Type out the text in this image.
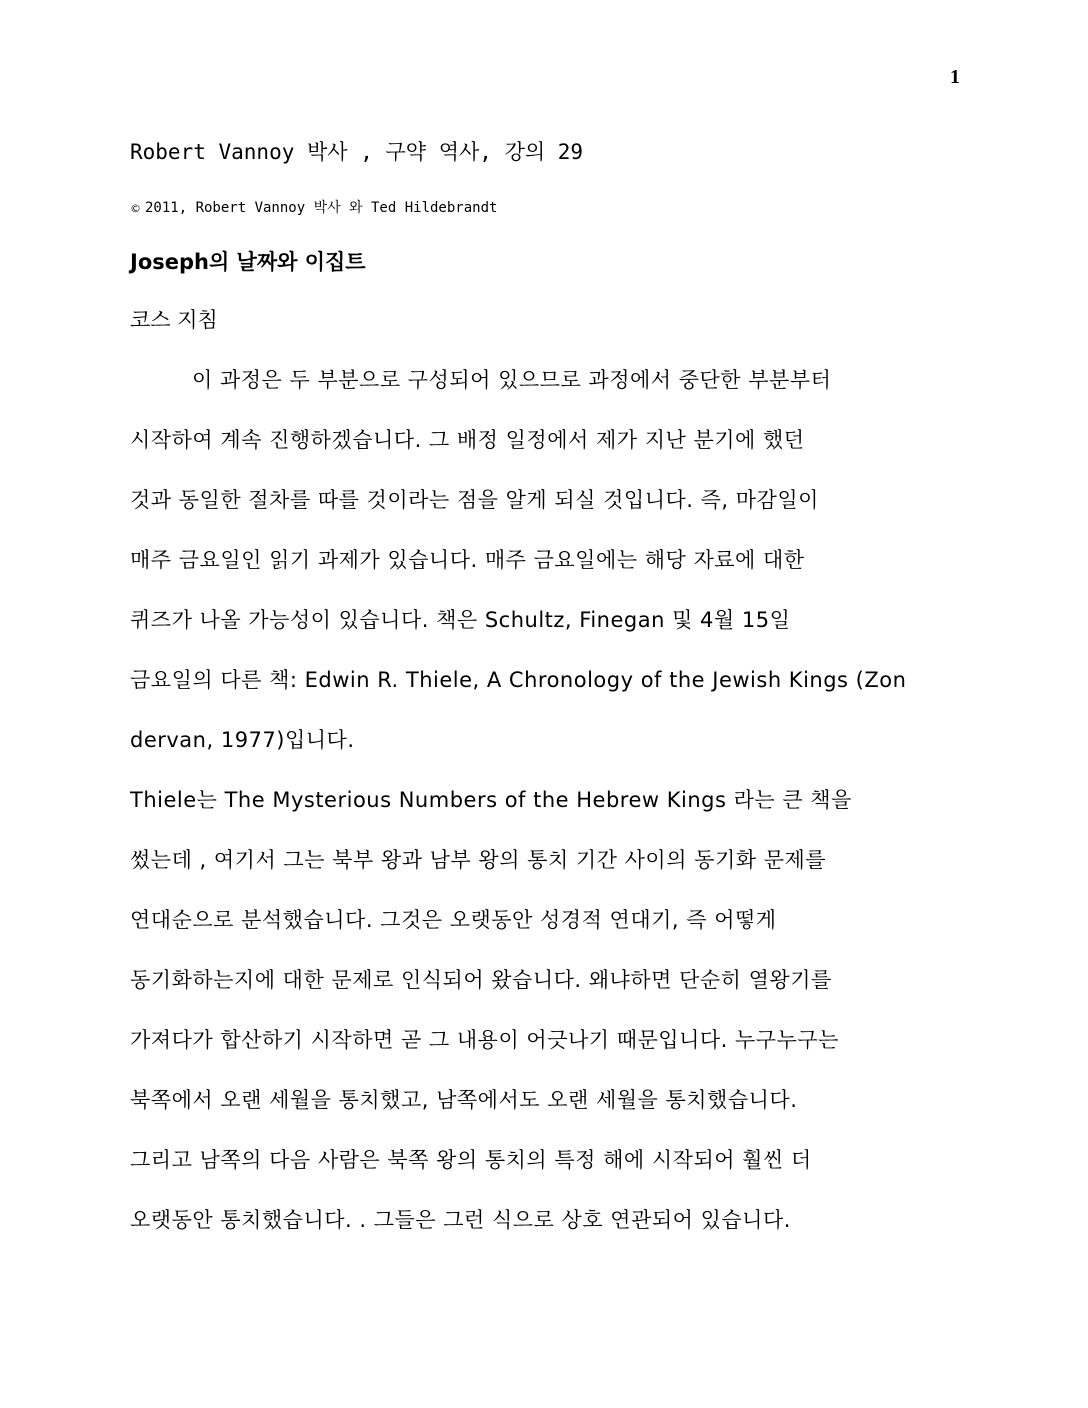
1
Robert Vannoy 박사 , 구약 역사, 강의 29
© 2011, Robert Vannoy 박사 와 Ted Hildebrandt
Joseph의 날짜와 이집트
코스 지침
이 과정은 두 부분으로 구성되어 있으므로 과정에서 중단한 부분부터
시작하여 계속 진행하겠습니다. 그 배정 일정에서 제가 지난 분기에 했던
것과 동일한 절차를 따를 것이라는 점을 알게 되실 것입니다. 즉, 마감일이
매주 금요일인 읽기 과제가 있습니다. 매주 금요일에는 해당 자료에 대한
퀴즈가 나올 가능성이 있습니다. 책은 Schultz, Finegan 및 4월 15일
금요일의 다른 책: Edwin R. Thiele, A Chronology of the Jewish Kings (Zon
dervan, 1977)입니다.
Thiele는 The Mysterious Numbers of the Hebrew Kings 라는 큰 책을
썼는데 , 여기서 그는 북부 왕과 남부 왕의 통치 기간 사이의 동기화 문제를
연대순으로 분석했습니다. 그것은 오랫동안 성경적 연대기, 즉 어떻게
동기화하는지에 대한 문제로 인식되어 왔습니다. 왜냐하면 단순히 열왕기를
가져다가 합산하기 시작하면 곧 그 내용이 어긋나기 때문입니다. 누구누구는
북쪽에서 오랜 세월을 통치했고, 남쪽에서도 오랜 세월을 통치했습니다.
그리고 남쪽의 다음 사람은 북쪽 왕의 통치의 특정 해에 시작되어 훨씬 더
오랫동안 통치했습니다. . 그들은 그런 식으로 상호 연관되어 있습니다.
